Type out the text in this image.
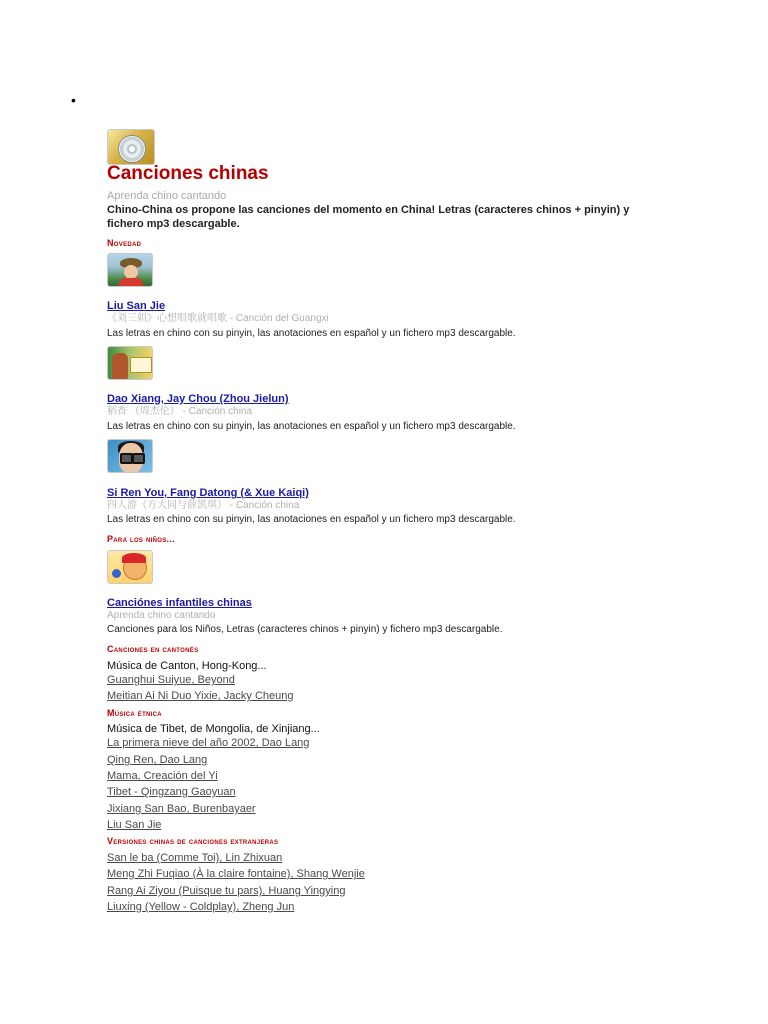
•
Canciones chinas
Aprenda chino cantando
Chino-China os propone las canciones del momento en China! Letras (caracteres chinos + pinyin) y fichero mp3 descargable.
Novedad
Liu San Jie
《刘三姐》心想唱歌就唱歌 - Canción del Guangxi
Las letras en chino con su pinyin, las anotaciones en español y un fichero mp3 descargable.
Dao Xiang, Jay Chou (Zhou Jielun)
稻香 （周杰伦） - Canción china
Las letras en chino con su pinyin, las anotaciones en español y un fichero mp3 descargable.
Si Ren You, Fang Datong (& Xue Kaiqi)
四人游（方大同与薛凯琪） - Canción china
Las letras en chino con su pinyin, las anotaciones en español y un fichero mp3 descargable.
Para los niños...
Canciónes infantiles chinas
Aprenda chino cantando
Canciones para los Niños, Letras (caracteres chinos + pinyin) y fichero mp3 descargable.
Canciones en cantonés
Música de Canton, Hong-Kong...
Guanghui Suiyue, Beyond
Meitian Ai Ni Duo Yixie, Jacky Cheung
Música étnica
Música de Tibet, de Mongolia, de Xinjiang...
La primera nieve del año 2002, Dao Lang
Qing Ren, Dao Lang
Mama, Creación del Yi
Tibet - Qingzang Gaoyuan
Jixiang San Bao, Burenbayaer
Liu San Jie
Versiones chinas de canciones extranjeras
San le ba (Comme Toi), Lin Zhixuan
Meng Zhi Fuqiao (À la claire fontaine), Shang Wenjie
Rang Ai Ziyou (Puisque tu pars), Huang Yingying
Liuxing (Yellow - Coldplay), Zheng Jun
